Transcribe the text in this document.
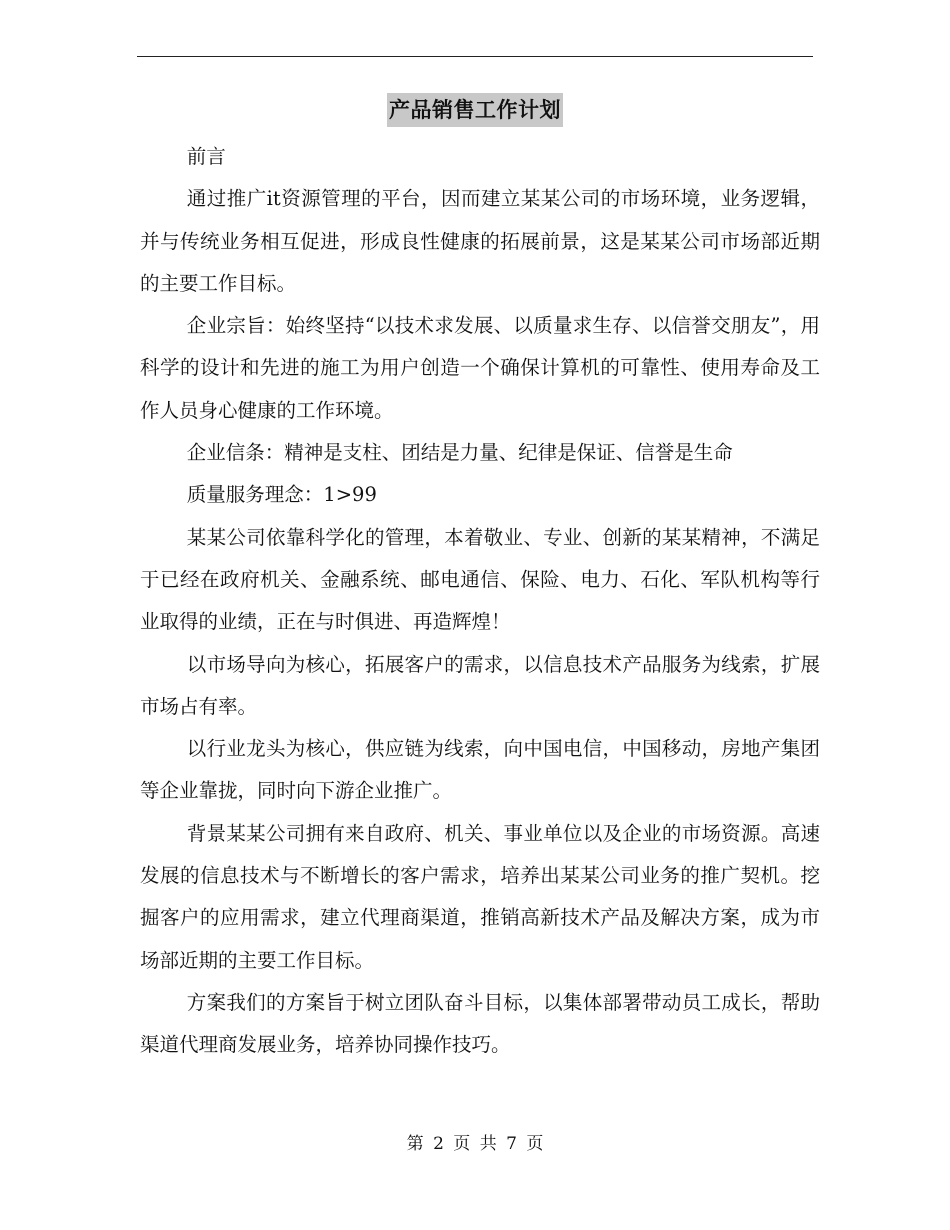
产品销售工作计划

前言

通过推广it资源管理的平台，因而建立某某公司的市场环境，业务逻辑，并与传统业务相互促进，形成良性健康的拓展前景，这是某某公司市场部近期的主要工作目标。

企业宗旨：始终坚持“以技术求发展、以质量求生存、以信誉交朋友”，用科学的设计和先进的施工为用户创造一个确保计算机的可靠性、使用寿命及工作人员身心健康的工作环境。

企业信条：精神是支柱、团结是力量、纪律是保证、信誉是生命

质量服务理念：1>99

某某公司依靠科学化的管理，本着敬业、专业、创新的某某精神，不满足于已经在政府机关、金融系统、邮电通信、保险、电力、石化、军队机构等行业取得的业绩，正在与时俱进、再造辉煌！

以市场导向为核心，拓展客户的需求，以信息技术产品服务为线索，扩展市场占有率。

以行业龙头为核心，供应链为线索，向中国电信，中国移动，房地产集团等企业靠拢，同时向下游企业推广。

背景某某公司拥有来自政府、机关、事业单位以及企业的市场资源。高速发展的信息技术与不断增长的客户需求，培养出某某公司业务的推广契机。挖掘客户的应用需求，建立代理商渠道，推销高新技术产品及解决方案，成为市场部近期的主要工作目标。

方案我们的方案旨于树立团队奋斗目标，以集体部署带动员工成长，帮助渠道代理商发展业务，培养协同操作技巧。

第 2 页 共 7 页
